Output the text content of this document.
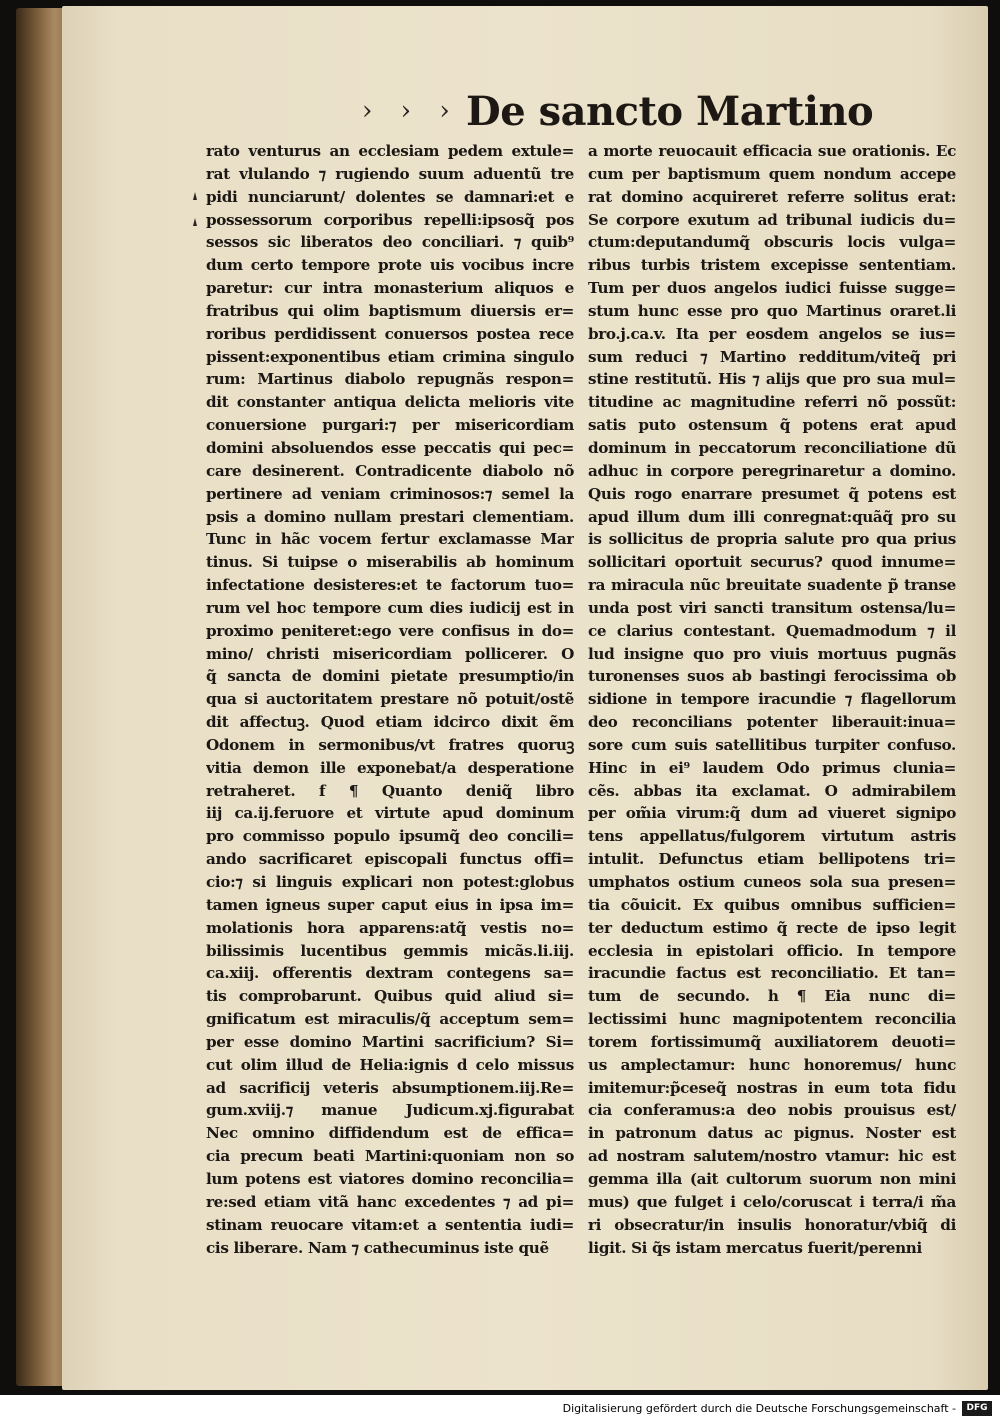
› › › De sancto Martino
rato venturus an ecclesiam pedem extule=
rat vlulando ⁊ rugiendo suum aduentũ tre
pidi nunciarunt/ dolentes se damnari:et e
possessorum corporibus repelli:ipsosq̃ pos
sessos sic liberatos deo conciliari. ⁊ quib⁹
dum certo tempore prote uis vocibus incre
paretur: cur intra monasterium aliquos e
fratribus qui olim baptismum diuersis er=
roribus perdidissent conuersos postea rece
pissent:exponentibus etiam crimina singulo
rum: Martinus diabolo repugnãs respon=
dit constanter antiqua delicta melioris vite
conuersione purgari:⁊ per misericordiam
domini absoluendos esse peccatis qui pec=
care desinerent. Contradicente diabolo nõ
pertinere ad veniam criminosos:⁊ semel la
psis a domino nullam prestari clementiam.
Tunc in hãc vocem fertur exclamasse Mar
tinus. Si tuipse o miserabilis ab hominum
infectatione desisteres:et te factorum tuo=
rum vel hoc tempore cum dies iudicij est in
proximo peniteret:ego vere confisus in do=
mino/ christi misericordiam pollicerer. O
q̃ sancta de domini pietate presumptio/in
qua si auctoritatem prestare nõ potuit/ostẽ
dit affectuꝫ. Quod etiam idcirco dixit ẽm
Odonem in sermonibus/vt fratres quoruꝫ
vitia demon ille exponebat/a desperatione
retraheret. f ¶ Quanto deniq̃ libro
iij ca.ij.feruore et virtute apud dominum
pro commisso populo ipsumq̃ deo concili=
ando sacrificaret episcopali functus offi=
cio:⁊ si linguis explicari non potest:globus
tamen igneus super caput eius in ipsa im=
molationis hora apparens:atq̃ vestis no=
bilissimis lucentibus gemmis micãs.li.iij.
ca.xiij. offerentis dextram contegens sa=
tis comprobarunt. Quibus quid aliud si=
gnificatum est miraculis/q̃ acceptum sem=
per esse domino Martini sacrificium? Si=
cut olim illud de Helia:ignis d celo missus
ad sacrificij veteris absumptionem.iij.Re=
gum.xviij.⁊ manue Judicum.xj.figurabat
Nec omnino diffidendum est de effica=
cia precum beati Martini:quoniam non so
lum potens est viatores domino reconcilia=
re:sed etiam vitã hanc excedentes ⁊ ad pi=
stinam reuocare vitam:et a sententia iudi=
cis liberare. Nam ⁊ cathecuminus iste quẽ
a morte reuocauit efficacia sue orationis. Ec
cum per baptismum quem nondum accepe
rat domino acquireret referre solitus erat:
Se corpore exutum ad tribunal iudicis du=
ctum:deputandumq̃ obscuris locis vulga=
ribus turbis tristem excepisse sententiam.
Tum per duos angelos iudici fuisse sugge=
stum hunc esse pro quo Martinus oraret.li
bro.j.ca.v. Ita per eosdem angelos se ius=
sum reduci ⁊ Martino redditum/viteq̃ pri
stine restitutũ. His ⁊ alijs que pro sua mul=
titudine ac magnitudine referri nõ possũt:
satis puto ostensum q̃ potens erat apud
dominum in peccatorum reconciliatione dũ
adhuc in corpore peregrinaretur a domino.
Quis rogo enarrare presumet q̃ potens est
apud illum dum illi conregnat:quãq̃ pro su
is sollicitus de propria salute pro qua prius
sollicitari oportuit securus? quod innume=
ra miracula nũc breuitate suadente p̃ transe
unda post viri sancti transitum ostensa/lu=
ce clarius contestant. Quemadmodum ⁊ il
lud insigne quo pro viuis mortuus pugnãs
turonenses suos ab bastingi ferocissima ob
sidione in tempore iracundie ⁊ flagellorum
deo reconcilians potenter liberauit:inua=
sore cum suis satellitibus turpiter confuso.
Hinc in ei⁹ laudem Odo primus clunia=
cẽs. abbas ita exclamat. O admirabilem
per om̃ia virum:q̃ dum ad viueret signipo
tens appellatus/fulgorem virtutum astris
intulit. Defunctus etiam bellipotens tri=
umphatos ostium cuneos sola sua presen=
tia cõuicit. Ex quibus omnibus sufficien=
ter deductum estimo q̃ recte de ipso legit
ecclesia in epistolari officio. In tempore
iracundie factus est reconciliatio. Et tan=
tum de secundo. h ¶ Eia nunc di=
lectissimi hunc magnipotentem reconcilia
torem fortissimumq̃ auxiliatorem deuoti=
us amplectamur: hunc honoremus/ hunc
imitemur:p̃ceseq̃ nostras in eum tota fidu
cia conferamus:a deo nobis prouisus est/
in patronum datus ac pignus. Noster est
ad nostram salutem/nostro vtamur: hic est
gemma illa (ait cultorum suorum non mini
mus) que fulget i celo/coruscat i terra/i m̃a
ri obsecratur/in insulis honoratur/vbiq̃ di
ligit. Si q̃s istam mercatus fuerit/perenni
Digitalisierung gefördert durch die Deutsche Forschungsgemeinschaft -	DFG
